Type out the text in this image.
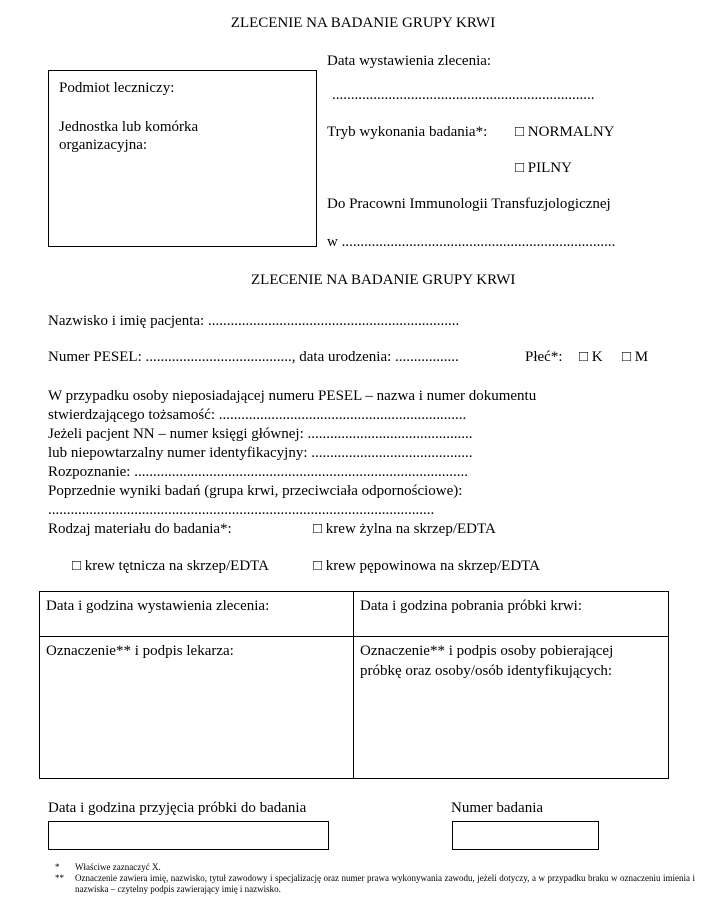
ZLECENIE NA BADANIE GRUPY KRWI
Podmiot leczniczy:
Jednostka lub komórka organizacyjna:
Data wystawienia zlecenia:
......................................................................
Tryb wykonania badania*: □ NORMALNY
□ PILNY
Do Pracowni Immunologii Transfuzjologicznej
w .........................................................................
ZLECENIE NA BADANIE GRUPY KRWI
Nazwisko i imię pacjenta: ...................................................................
Numer PESEL: ......................................., data urodzenia: .................	Płeć*: □ K □ M
W przypadku osoby nieposiadającej numeru PESEL – nazwa i numer dokumentu
stwierdzającego tożsamość: ..................................................................
Jeżeli pacjent NN – numer księgi głównej: ............................................
lub niepowtarzalny numer identyfikacyjny: ...........................................
Rozpoznanie: .........................................................................................
Poprzednie wyniki badań (grupa krwi, przeciwciała odpornościowe):
.......................................................................................................
Rodzaj materiału do badania*:	□ krew żylna na skrzep/EDTA
□ krew tętnicza na skrzep/EDTA	□ krew pępowinowa na skrzep/EDTA
Data i godzina wystawienia zlecenia:	Data i godzina pobrania próbki krwi:
Oznaczenie** i podpis lekarza:	Oznaczenie** i podpis osoby pobierającej próbkę oraz osoby/osób identyfikujących:
Data i godzina przyjęcia próbki do badania	Numer badania
*	Właściwe zaznaczyć X.
**	Oznaczenie zawiera imię, nazwisko, tytuł zawodowy i specjalizację oraz numer prawa wykonywania zawodu, jeżeli dotyczy, a w przypadku braku w oznaczeniu imienia i nazwiska – czytelny podpis zawierający imię i nazwisko.
